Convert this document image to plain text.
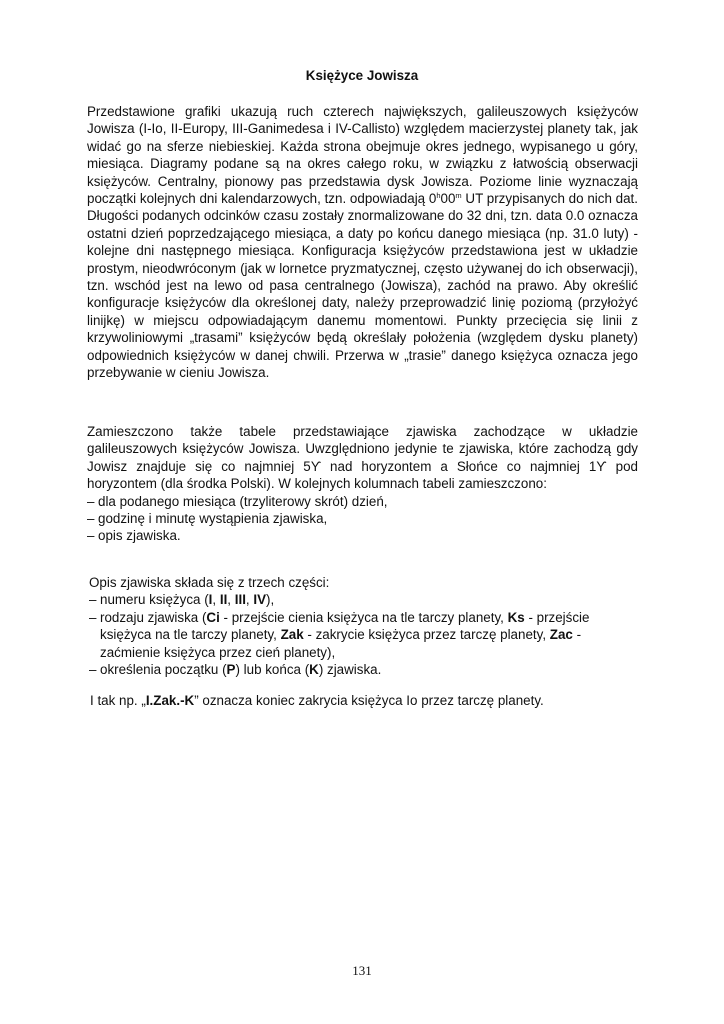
Księżyce Jowisza
Przedstawione grafiki ukazują ruch czterech największych, galileuszowych księżyców Jowisza (I-Io, II-Europy, III-Ganimedesa i IV-Callisto) względem macierzystej planety tak, jak widać go na sferze niebieskiej. Każda strona obejmuje okres jednego, wypisanego u góry, miesiąca. Diagramy podane są na okres całego roku, w związku z łatwością obserwacji księżyców. Centralny, pionowy pas przedstawia dysk Jowisza. Poziome linie wyznaczają początki kolejnych dni kalendarzowych, tzn. odpowiadają 0$^h$00$^m$ UT przypisanych do nich dat. Długości podanych odcinków czasu zostały znormalizowane do 32 dni, tzn. data 0.0 oznacza ostatni dzień poprzedzającego miesiąca, a daty po końcu danego miesiąca (np. 31.0 luty) - kolejne dni następnego miesiąca. Konfiguracja księżyców przedstawiona jest w układzie prostym, nieodwróconym (jak w lornetce pryzmatycznej, często używanej do ich obserwacji), tzn. wschód jest na lewo od pasa centralnego (Jowisza), zachód na prawo. Aby określić konfiguracje księżyców dla określonej daty, należy przeprowadzić linię poziomą (przyłożyć linijkę) w miejscu odpowiadającym danemu momentowi. Punkty przecięcia się linii z krzywoliniowymi „trasami” księżyców będą określały położenia (względem dysku planety) odpowiednich księżyców w danej chwili. Przerwa w „trasie” danego księżyca oznacza jego przebywanie w cieniu Jowisza.
Zamieszczono także tabele przedstawiające zjawiska zachodzące w układzie galileuszowych księżyców Jowisza. Uwzględniono jedynie te zjawiska, które zachodzą gdy Jowisz znajduje się co najmniej 5ϒ nad horyzontem a Słońce co najmniej 1ϒ pod horyzontem (dla środka Polski). W kolejnych kolumnach tabeli zamieszczono:
– dla podanego miesiąca (trzyliterowy skrót) dzień,
– godzinę i minutę wystąpienia zjawiska,
– opis zjawiska.
Opis zjawiska składa się z trzech części:
– numeru księżyca (I, II, III, IV),
– rodzaju zjawiska (Ci - przejście cienia księżyca na tle tarczy planety, Ks - przejście księżyca na tle tarczy planety, Zak - zakrycie księżyca przez tarczę planety, Zac - zaćmienie księżyca przez cień planety),
– określenia początku (P) lub końca (K) zjawiska.
I tak np. „I.Zak.-K” oznacza koniec zakrycia księżyca Io przez tarczę planety.
131
